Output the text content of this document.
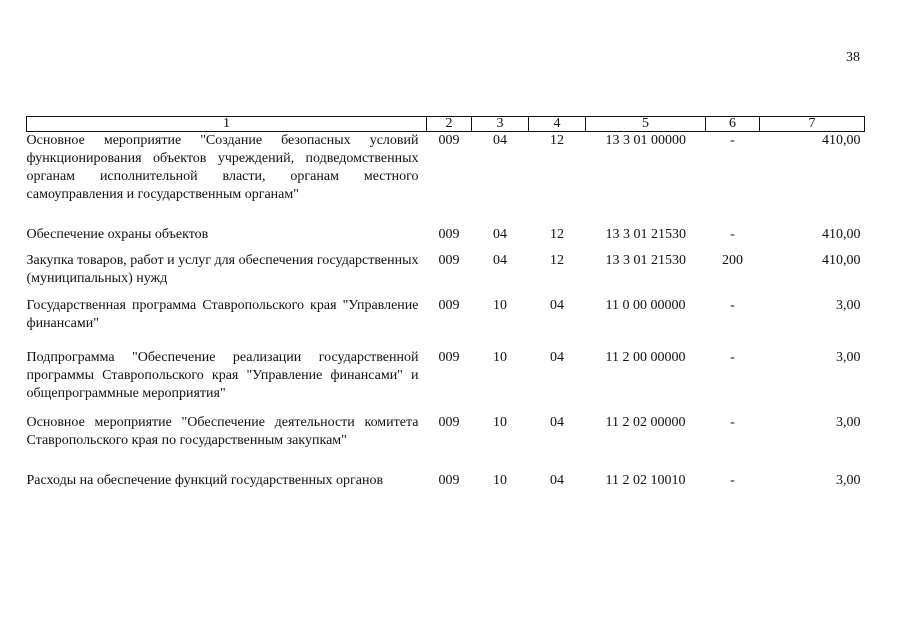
38
1	2	3	4	5	6	7
Основное мероприятие "Создание безопасных условий функционирования объектов учреждений, подведомственных органам исполнительной власти, органам местного самоуправления и государственным органам"	009	04	12	13 3 01 00000	-	410,00
Обеспечение охраны объектов	009	04	12	13 3 01 21530	-	410,00
Закупка товаров, работ и услуг для обеспечения государственных (муниципальных) нужд	009	04	12	13 3 01 21530	200	410,00
Государственная программа Ставропольского края "Управление финансами"	009	10	04	11 0 00 00000	-	3,00
Подпрограмма "Обеспечение реализации государственной программы Ставропольского края "Управление финансами" и общепрограммные мероприятия"	009	10	04	11 2 00 00000	-	3,00
Основное мероприятие "Обеспечение деятельности комитета Ставропольского края по государственным закупкам"	009	10	04	11 2 02 00000	-	3,00
Расходы на обеспечение функций государственных органов	009	10	04	11 2 02 10010	-	3,00
